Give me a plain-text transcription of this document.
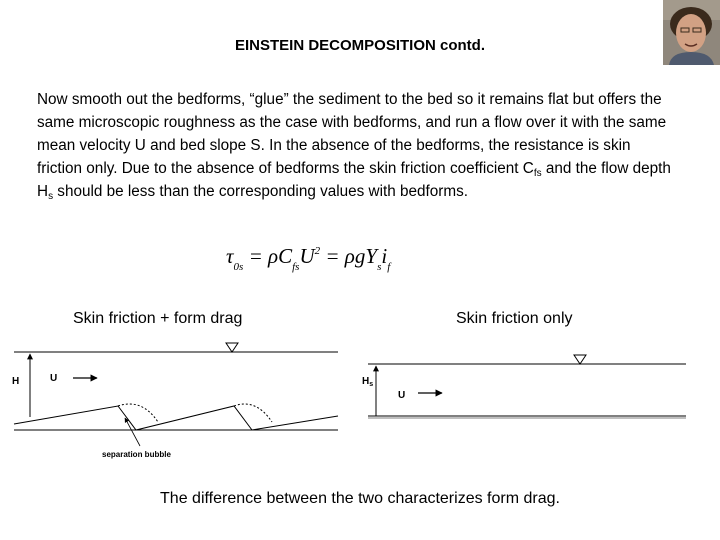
EINSTEIN DECOMPOSITION contd.
Now smooth out the bedforms, “glue” the sediment to the bed so it remains flat but offers the same microscopic roughness as the case with bedforms, and run a flow over it with the same mean velocity U and bed slope S. In the absence of the bedforms, the resistance is skin friction only. Due to the absence of bedforms the skin friction coefficient $C_{fs}$ and the flow depth $H_s$ should be less than the corresponding values with bedforms.
$\tau_{0s} = \rho C_{fs}U^2 = \rho gY_si_f$
Skin friction + form drag	Skin friction only
H	U
separation bubble
$H_s$
U
The difference between the two characterizes form drag.
